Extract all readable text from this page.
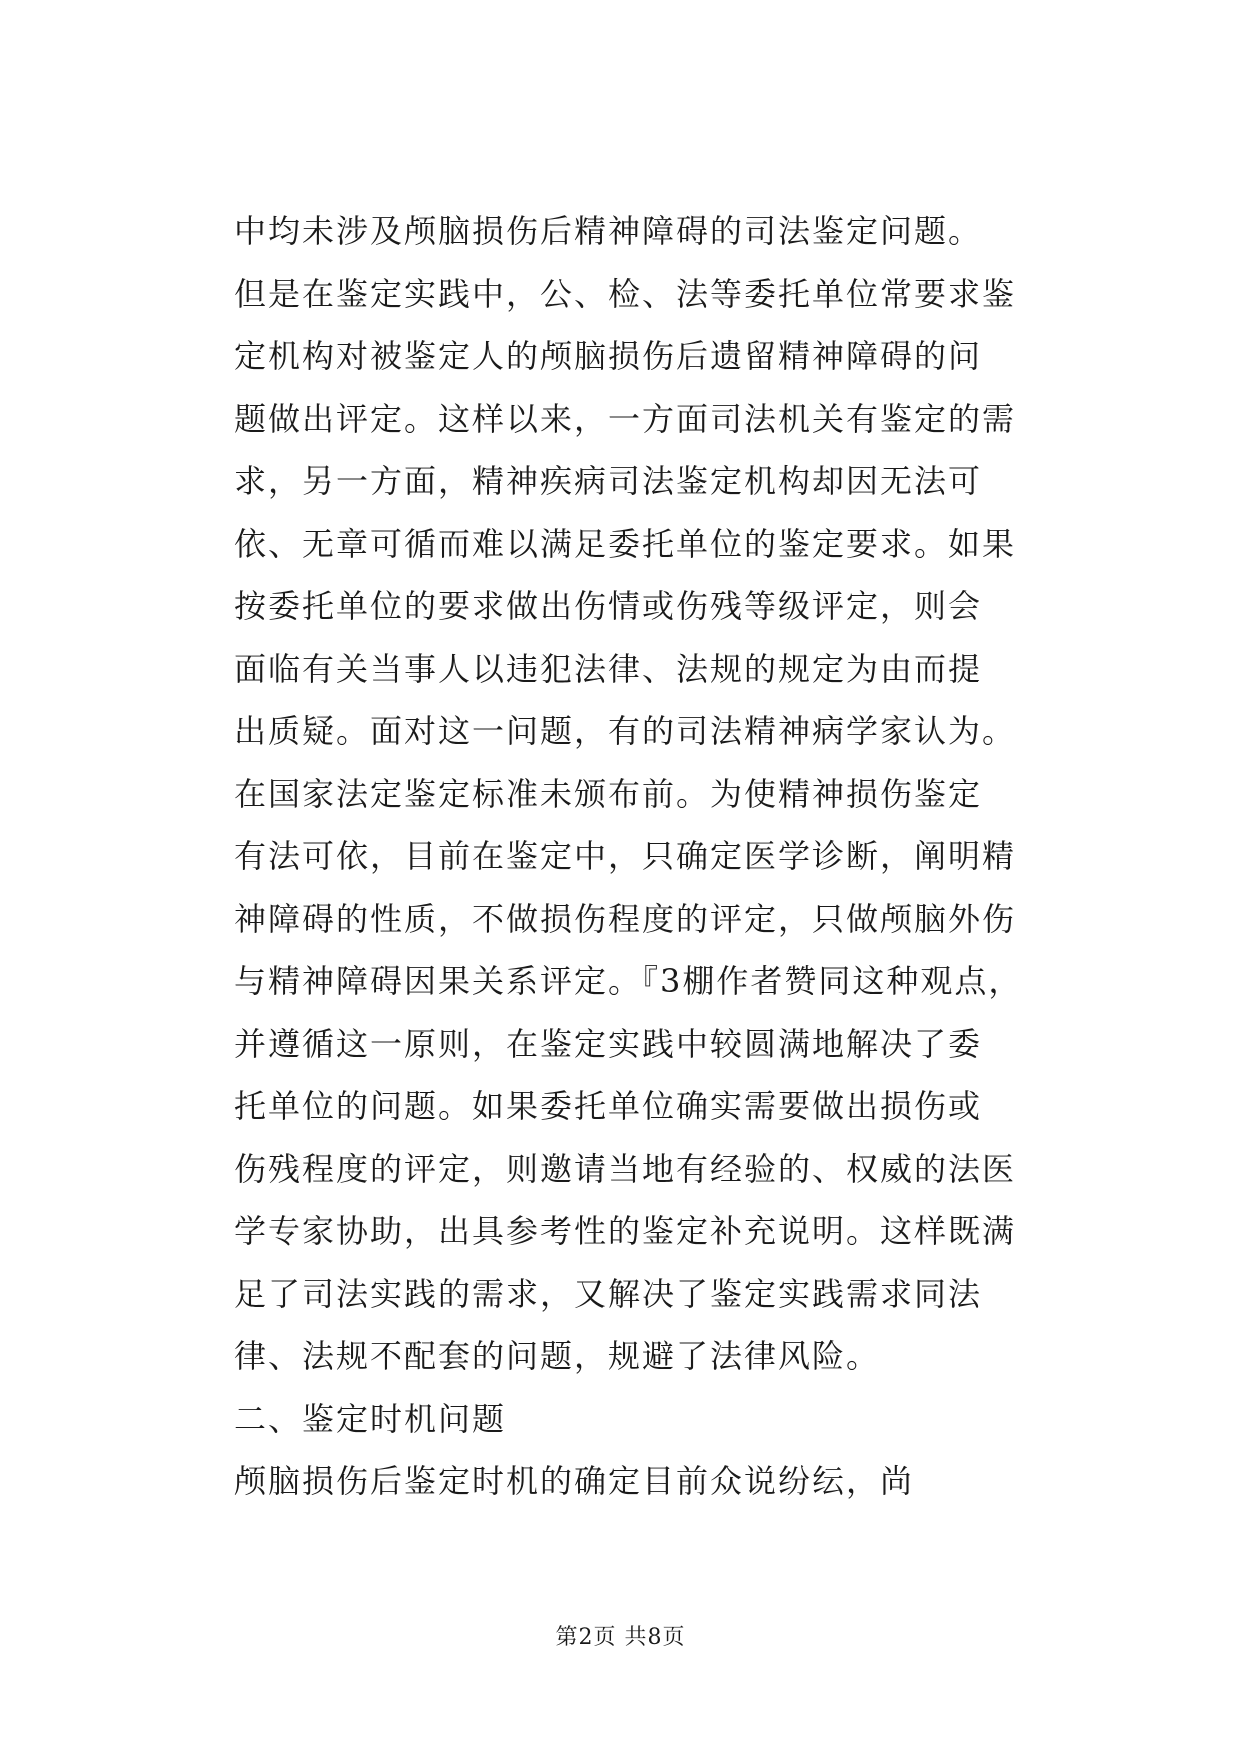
中均未涉及颅脑损伤后精神障碍的司法鉴定问题。
但是在鉴定实践中，公、检、法等委托单位常要求鉴
定机构对被鉴定人的颅脑损伤后遗留精神障碍的问
题做出评定。这样以来，一方面司法机关有鉴定的需
求，另一方面，精神疾病司法鉴定机构却因无法可
依、无章可循而难以满足委托单位的鉴定要求。如果
按委托单位的要求做出伤情或伤残等级评定，则会
面临有关当事人以违犯法律、法规的规定为由而提
出质疑。面对这一问题，有的司法精神病学家认为。
在国家法定鉴定标准未颁布前。为使精神损伤鉴定
有法可依，目前在鉴定中，只确定医学诊断，阐明精
神障碍的性质，不做损伤程度的评定，只做颅脑外伤
与精神障碍因果关系评定。『3棚作者赞同这种观点，
并遵循这一原则，在鉴定实践中较圆满地解决了委
托单位的问题。如果委托单位确实需要做出损伤或
伤残程度的评定，则邀请当地有经验的、权威的法医
学专家协助，出具参考性的鉴定补充说明。这样既满
足了司法实践的需求，又解决了鉴定实践需求同法
律、法规不配套的问题，规避了法律风险。
二、鉴定时机问题
颅脑损伤后鉴定时机的确定目前众说纷纭，尚
第2页 共8页
